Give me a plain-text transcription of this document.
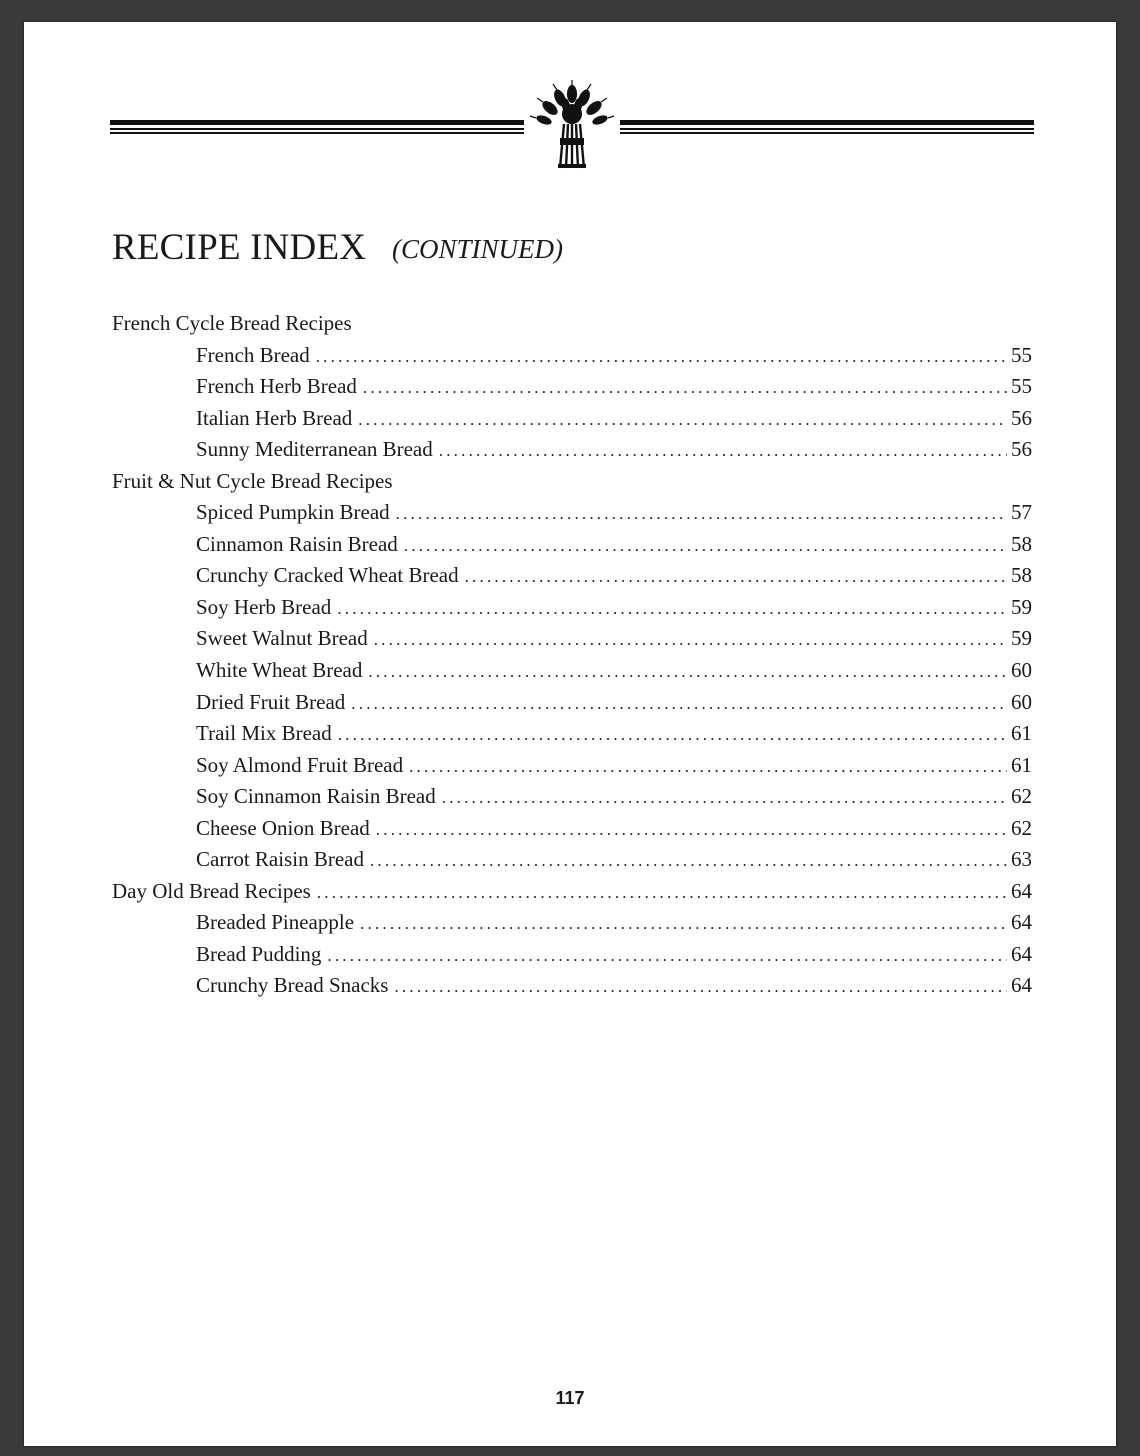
RECIPE INDEX (CONTINUED)
French Cycle Bread Recipes
French Bread .....	55
French Herb Bread .....	55
Italian Herb Bread .....	56
Sunny Mediterranean Bread .....	56
Fruit & Nut Cycle Bread Recipes
Spiced Pumpkin Bread .....	57
Cinnamon Raisin Bread .....	58
Crunchy Cracked Wheat Bread .....	58
Soy Herb Bread .....	59
Sweet Walnut Bread .....	59
White Wheat Bread .....	60
Dried Fruit Bread .....	60
Trail Mix Bread .....	61
Soy Almond Fruit Bread .....	61
Soy Cinnamon Raisin Bread .....	62
Cheese Onion Bread .....	62
Carrot Raisin Bread .....	63
Day Old Bread Recipes .....	64
Breaded Pineapple .....	64
Bread Pudding .....	64
Crunchy Bread Snacks .....	64
117
